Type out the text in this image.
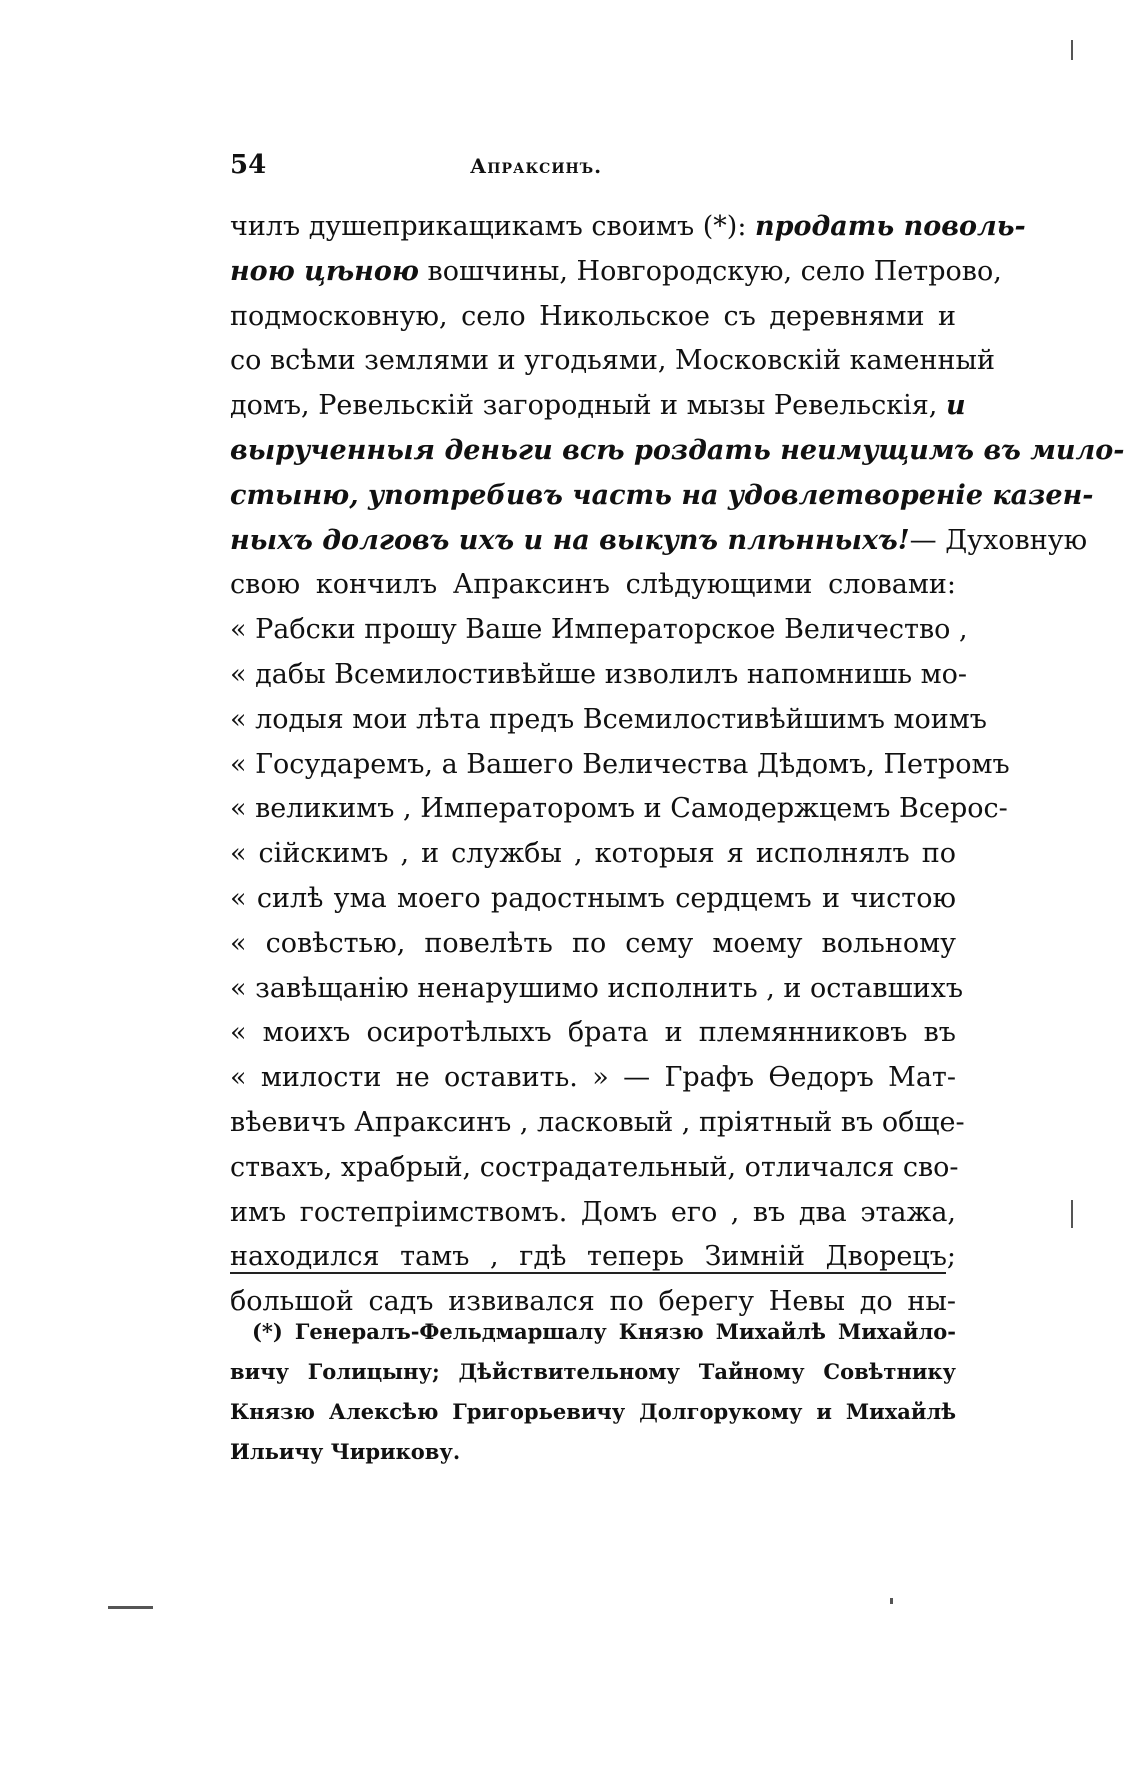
54	Апраксинъ.
чилъ душеприкащикамъ своимъ (*): продать поволь-
ною цѣною вошчины, Новгородскую, село Петрово,
подмосковную, село Никольское съ деревнями и
со всѣми землями и угодьями, Московскій каменный
домъ, Ревельскій загородный и мызы Ревельскія, и
вырученныя деньги всѣ роздать неимущимъ въ мило-
стыню, употребивъ часть на удовлетвореніе казен-
ныхъ долговъ ихъ и на выкупъ плѣнныхъ!— Духовную
свою кончилъ Апраксинъ слѣдующими словами:
« Рабски прошу Ваше Императорское Величество ,
« дабы Всемилостивѣйше изволилъ напомнишь мо-
« лодыя мои лѣта предъ Всемилостивѣйшимъ моимъ
« Государемъ, а Вашего Величества Дѣдомъ, Петромъ
« великимъ , Императоромъ и Самодержцемъ Всерос-
« сійскимъ , и службы , которыя я исполнялъ по
« силѣ ума моего радостнымъ сердцемъ и чистою
« совѣстью, повелѣть по сему моему вольному
« завѣщанію ненарушимо исполнить , и оставшихъ
« моихъ осиротѣлыхъ брата и племянниковъ въ
« милости не оставить. » — Графъ Ѳедоръ Мат-
вѣевичъ Апраксинъ , ласковый , пріятный въ обще-
ствахъ, храбрый, сострадательный, отличался сво-
имъ гостепріимствомъ. Домъ его , въ два этажа,
находился тамъ , гдѣ теперь Зимній Дворецъ;
большой садъ извивался по берегу Невы до ны-
(*) Генералъ-Фельдмаршалу Князю Михайлѣ Михайло-
вичу Голицыну; Дѣйствительному Тайному Совѣтнику
Князю Алексѣю Григорьевичу Долгорукому и Михайлѣ
Ильичу Чирикову.
